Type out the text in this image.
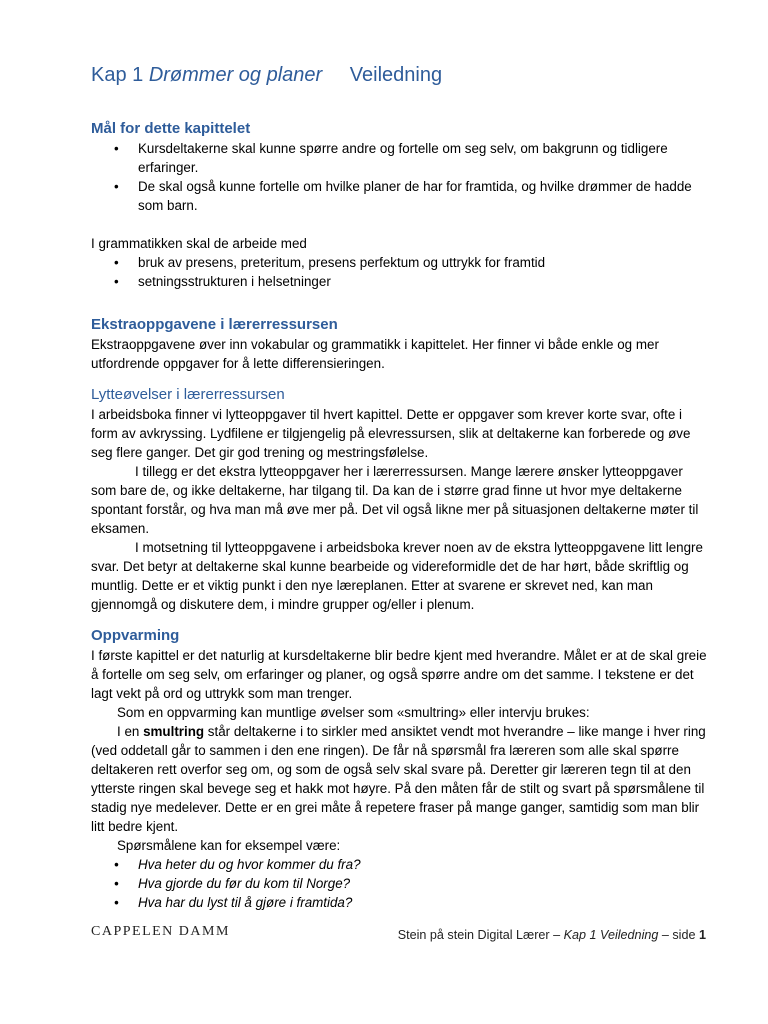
Kap 1 Drømmer og planer Veiledning
Mål for dette kapittelet
• Kursdeltakerne skal kunne spørre andre og fortelle om seg selv, om bakgrunn og tidligere erfaringer.
• De skal også kunne fortelle om hvilke planer de har for framtida, og hvilke drømmer de hadde som barn.

I grammatikken skal de arbeide med

• bruk av presens, preteritum, presens perfektum og uttrykk for framtid
• setningsstrukturen i helsetninger
Ekstraoppgavene i lærerressursen

Ekstraoppgavene øver inn vokabular og grammatikk i kapittelet. Her finner vi både enkle og mer utfordrende oppgaver for å lette differensieringen.

Lytteøvelser i lærerressursen

I arbeidsboka finner vi lytteoppgaver til hvert kapittel. Dette er oppgaver som krever korte svar, ofte i form av avkryssing. Lydfilene er tilgjengelig på elevressursen, slik at deltakerne kan forberede og øve seg flere ganger. Det gir god trening og mestringsfølelse.

I tillegg er det ekstra lytteoppgaver her i lærerressursen. Mange lærere ønsker lytteoppgaver som bare de, og ikke deltakerne, har tilgang til. Da kan de i større grad finne ut hvor mye deltakerne spontant forstår, og hva man må øve mer på. Det vil også likne mer på situasjonen deltakerne møter til eksamen.

I motsetning til lytteoppgavene i arbeidsboka krever noen av de ekstra lytteoppgavene litt lengre svar. Det betyr at deltakerne skal kunne bearbeide og videreformidle det de har hørt, både skriftlig og muntlig. Dette er et viktig punkt i den nye læreplanen. Etter at svarene er skrevet ned, kan man gjennomgå og diskutere dem, i mindre grupper og/eller i plenum.

Oppvarming

I første kapittel er det naturlig at kursdeltakerne blir bedre kjent med hverandre. Målet er at de skal greie å fortelle om seg selv, om erfaringer og planer, og også spørre andre om det samme. I tekstene er det lagt vekt på ord og uttrykk som man trenger.

Som en oppvarming kan muntlige øvelser som «smultring» eller intervju brukes:

I en smultring står deltakerne i to sirkler med ansiktet vendt mot hverandre – like mange i hver ring (ved oddetall går to sammen i den ene ringen). De får nå spørsmål fra læreren som alle skal spørre deltakeren rett overfor seg om, og som de også selv skal svare på. Deretter gir læreren tegn til at den ytterste ringen skal bevege seg et hakk mot høyre. På den måten får de stilt og svart på spørsmålene til stadig nye medelever. Dette er en grei måte å repetere fraser på mange ganger, samtidig som man blir litt bedre kjent.

Spørsmålene kan for eksempel være:

• Hva heter du og hvor kommer du fra?
• Hva gjorde du før du kom til Norge?
• Hva har du lyst til å gjøre i framtida?
CAPPELEN DAMM	Stein på stein Digital Lærer – Kap 1 Veiledning – side 1
